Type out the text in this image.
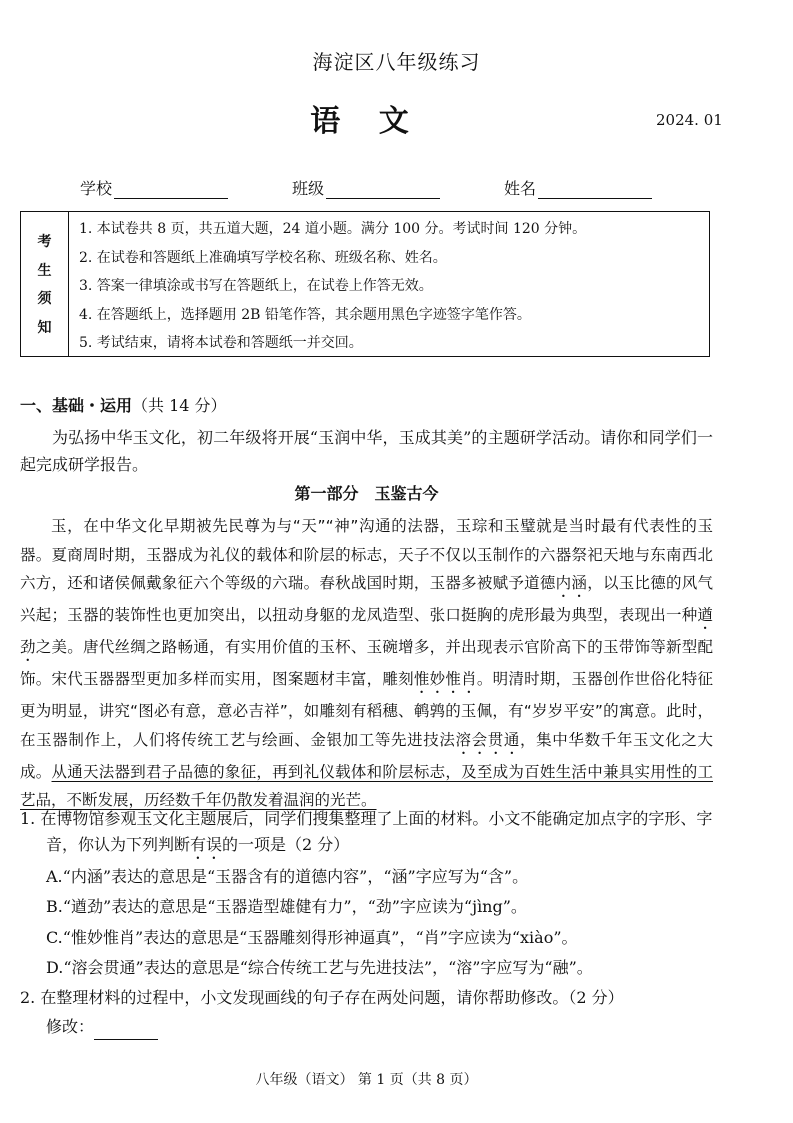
海淀区八年级练习
语 文	2024. 01
学校	班级	姓名
考
生
须
知
1. 本试卷共 8 页，共五道大题，24 道小题。满分 100 分。考试时间 120 分钟。
2. 在试卷和答题纸上准确填写学校名称、班级名称、姓名。
3. 答案一律填涂或书写在答题纸上，在试卷上作答无效。
4. 在答题纸上，选择题用 2B 铅笔作答，其余题用黑色字迹签字笔作答。
5. 考试结束，请将本试卷和答题纸一并交回。
一、基础・运用（共 14 分）
为弘扬中华玉文化，初二年级将开展“玉润中华，玉成其美”的主题研学活动。请你和同学们一起完成研学报告。
第一部分　玉鉴古今
玉，在中华文化早期被先民尊为与“天”“神”沟通的法器，玉琮和玉璧就是当时最有代表性的玉器。夏商周时期，玉器成为礼仪的载体和阶层的标志，天子不仅以玉制作的六器祭祀天地与东南西北六方，还和诸侯佩戴象征六个等级的六瑞。春秋战国时期，玉器多被赋予道德内涵，以玉比德的风气兴起；玉器的装饰性也更加突出，以扭动身躯的龙凤造型、张口挺胸的虎形最为典型，表现出一种遒劲之美。唐代丝绸之路畅通，有实用价值的玉杯、玉碗增多，并出现表示官阶高下的玉带饰等新型配饰。宋代玉器器型更加多样而实用，图案题材丰富，雕刻惟妙惟肖。明清时期，玉器创作世俗化特征更为明显，讲究“图必有意，意必吉祥”，如雕刻有稻穗、鹌鹑的玉佩，有“岁岁平安”的寓意。此时，在玉器制作上，人们将传统工艺与绘画、金银加工等先进技法溶会贯通，集中华数千年玉文化之大成。从通天法器到君子品德的象征，再到礼仪载体和阶层标志，及至成为百姓生活中兼具实用性的工艺品，不断发展，历经数千年仍散发着温润的光芒。
1. 在博物馆参观玉文化主题展后，同学们搜集整理了上面的材料。小文不能确定加点字的字形、字音，你认为下列判断有误的一项是（2 分）
A.“内涵”表达的意思是“玉器含有的道德内容”，“涵”字应写为“含”。
B.“遒劲”表达的意思是“玉器造型雄健有力”，“劲”字应读为“jìng”。
C.“惟妙惟肖”表达的意思是“玉器雕刻得形神逼真”，“肖”字应读为“xiào”。
D.“溶会贯通”表达的意思是“综合传统工艺与先进技法”，“溶”字应写为“融”。
2. 在整理材料的过程中，小文发现画线的句子存在两处问题，请你帮助修改。（2 分）
修改：
八年级（语文） 第 1 页（共 8 页）
